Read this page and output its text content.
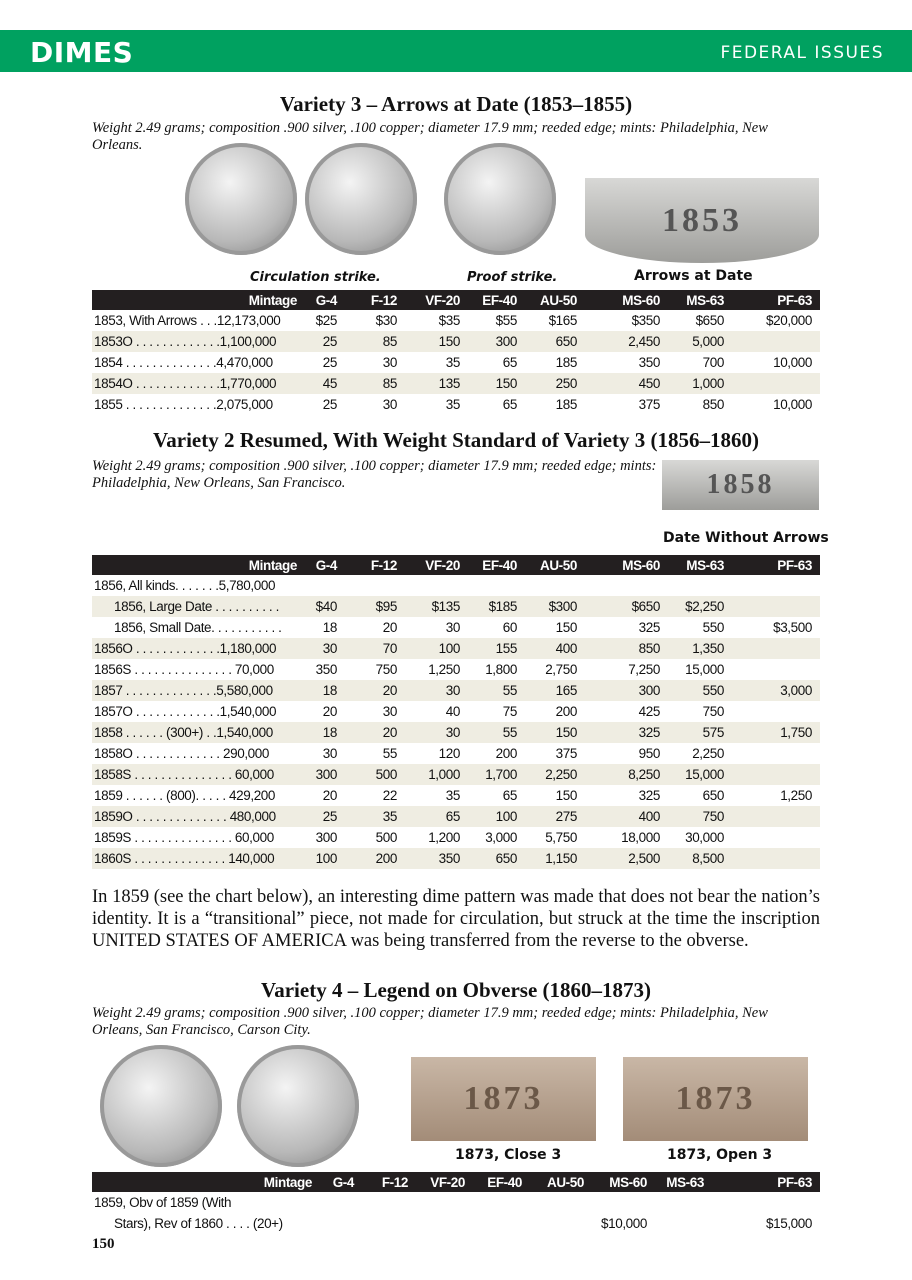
DIMES	FEDERAL ISSUES
Variety 3 – Arrows at Date (1853–1855)
Weight 2.49 grams; composition .900 silver, .100 copper; diameter 17.9 mm; reeded edge; mints: Philadelphia, New Orleans.
1853
Circulation strike.	Proof strike.	Arrows at Date
Mintage	G-4	F-12	VF-20	EF-40	AU-50	MS-60	MS-63	PF-63
1853, With Arrows . . .12,173,000	$25	$30	$35	$55	$165	$350	$650	$20,000
1853O . . . . . . . . . . . . .1,100,000	25	85	150	300	650	2,450	5,000	
1854 . . . . . . . . . . . . . .4,470,000	25	30	35	65	185	350	700	10,000
1854O . . . . . . . . . . . . .1,770,000	45	85	135	150	250	450	1,000	
1855 . . . . . . . . . . . . . .2,075,000	25	30	35	65	185	375	850	10,000
Variety 2 Resumed, With Weight Standard of Variety 3 (1856–1860)
Weight 2.49 grams; composition .900 silver, .100 copper; diameter 17.9 mm; reeded edge; mints: Philadelphia, New Orleans, San Francisco.	1858
Date Without Arrows
Mintage	G-4	F-12	VF-20	EF-40	AU-50	MS-60	MS-63	PF-63
1856, All kinds. . . . . . .5,780,000								
1856, Large Date . . . . . . . . . .	$40	$95	$135	$185	$300	$650	$2,250	
1856, Small Date. . . . . . . . . . .	18	20	30	60	150	325	550	$3,500
1856O . . . . . . . . . . . . .1,180,000	30	70	100	155	400	850	1,350	
1856S . . . . . . . . . . . . . . . 70,000	350	750	1,250	1,800	2,750	7,250	15,000	
1857 . . . . . . . . . . . . . .5,580,000	18	20	30	55	165	300	550	3,000
1857O . . . . . . . . . . . . .1,540,000	20	30	40	75	200	425	750	
1858 . . . . . . (300+) . .1,540,000	18	20	30	55	150	325	575	1,750
1858O . . . . . . . . . . . . . 290,000	30	55	120	200	375	950	2,250	
1858S . . . . . . . . . . . . . . . 60,000	300	500	1,000	1,700	2,250	8,250	15,000	
1859 . . . . . . (800). . . . . 429,200	20	22	35	65	150	325	650	1,250
1859O . . . . . . . . . . . . . . 480,000	25	35	65	100	275	400	750	
1859S . . . . . . . . . . . . . . . 60,000	300	500	1,200	3,000	5,750	18,000	30,000	
1860S . . . . . . . . . . . . . . 140,000	100	200	350	650	1,150	2,500	8,500	
In 1859 (see the chart below), an interesting dime pattern was made that does not bear the nation’s identity. It is a “transitional” piece, not made for circulation, but struck at the time the inscription UNITED STATES OF AMERICA was being transferred from the reverse to the obverse.
Variety 4 – Legend on Obverse (1860–1873)
Weight 2.49 grams; composition .900 silver, .100 copper; diameter 17.9 mm; reeded edge; mints: Philadelphia, New Orleans, San Francisco, Carson City.
1873	1873
1873, Close 3	1873, Open 3
Mintage	G-4	F-12	VF-20	EF-40	AU-50	MS-60	MS-63	PF-63
1859, Obv of 1859 (With								
Stars), Rev of 1860 . . . . (20+)						$10,000		$15,000
150
